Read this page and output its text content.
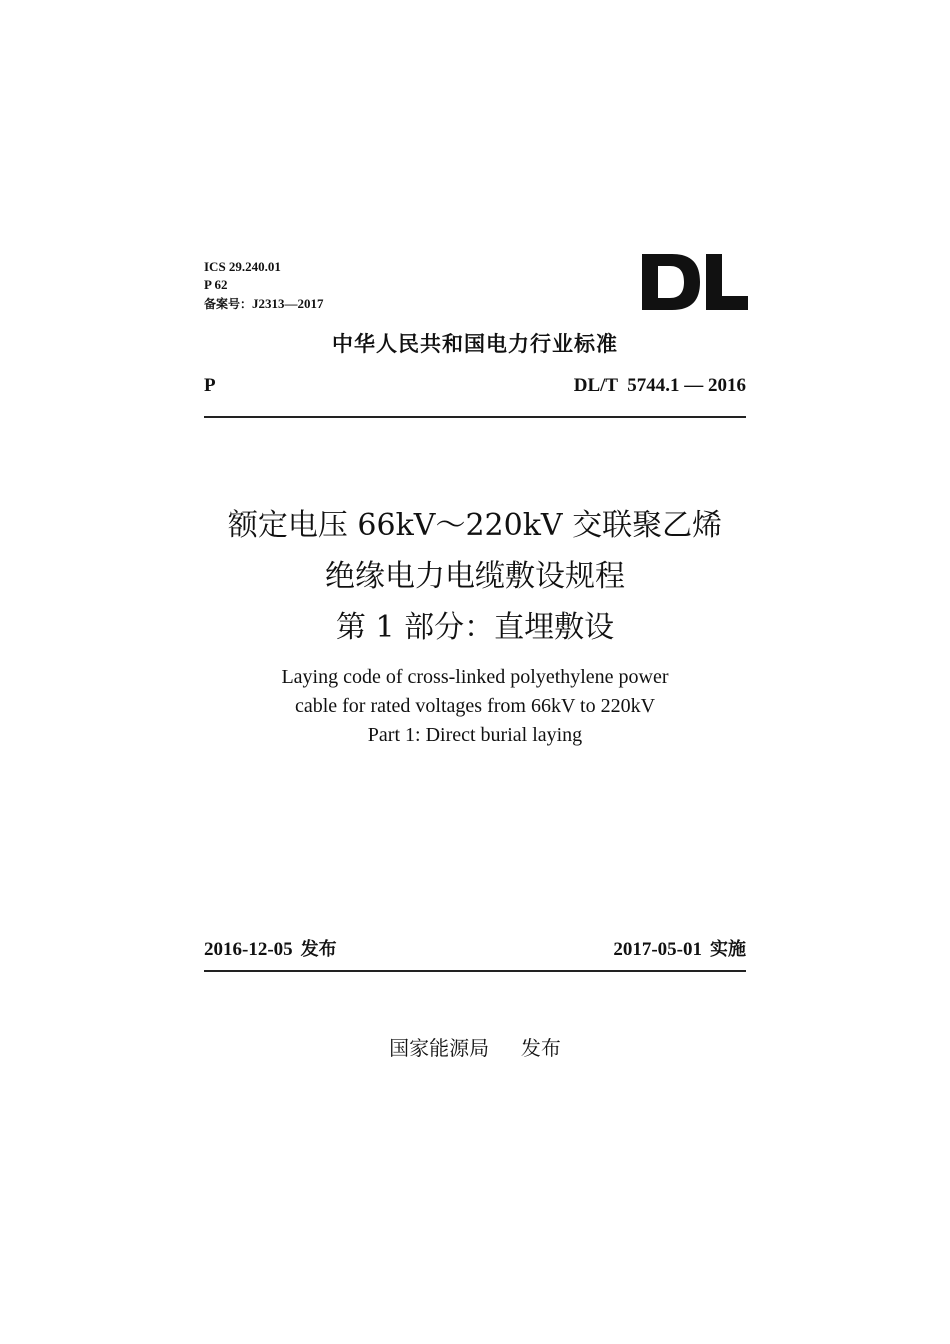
ICS 29.240.01
P 62
备案号：J2313—2017
中华人民共和国电力行业标准
P	DL/T  5744.1 — 2016
额定电压 66kV～220kV 交联聚乙烯
绝缘电力电缆敷设规程
第 1 部分：直埋敷设
Laying code of cross-linked polyethylene power
cable for rated voltages from 66kV to 220kV
Part 1: Direct burial laying
2016-12-05 发布	2017-05-01 实施
国家能源局 发布
